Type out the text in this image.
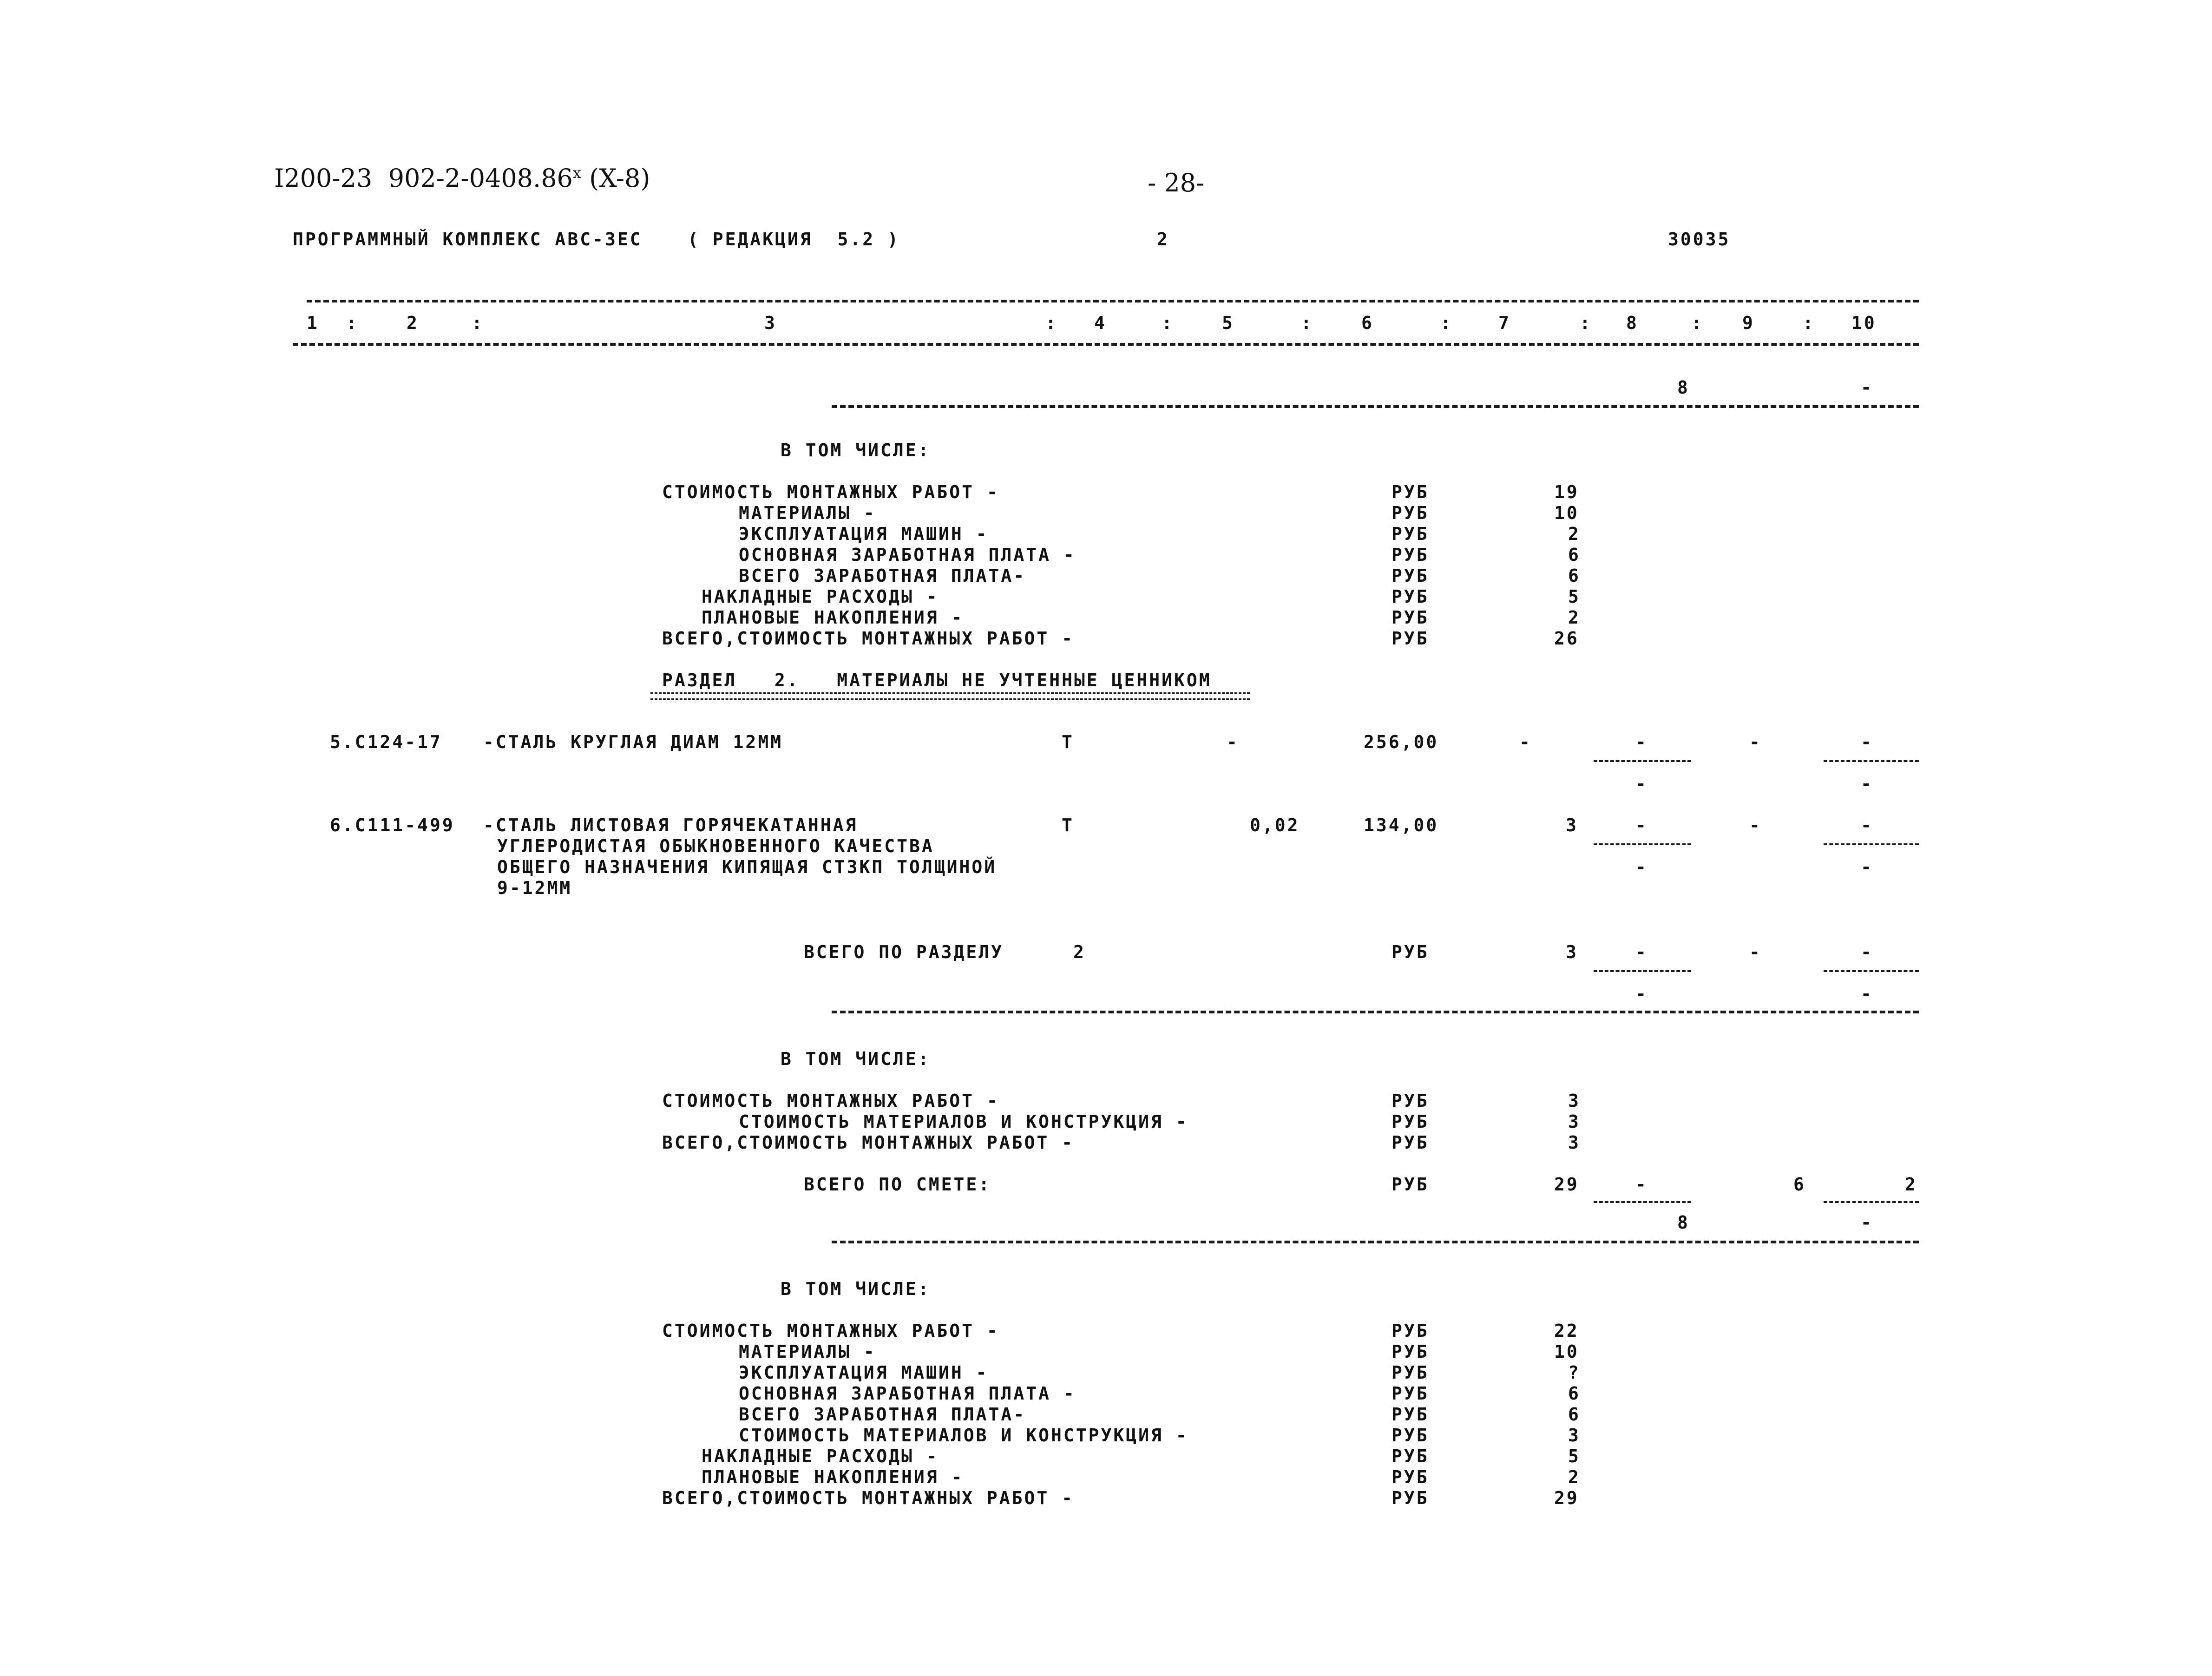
I200-23  902-2-0408.86$^x$ (X-8)	- 28-
ПРОГРАММНЫЙ КОМПЛЕКС АВС-ЗЕС	( РЕДАКЦИЯ  5.2 )	2	30035
1 :	2	:	3	: 4	:	5	:	6	:	7	: 8	: 9	: 10
8	-
В ТОМ ЧИСЛЕ:
СТОИМОСТЬ МОНТАЖНЫХ РАБОТ -	РУБ	19
МАТЕРИАЛЫ -	РУБ	10
ЭКСПЛУАТАЦИЯ МАШИН -	РУБ	2
ОСНОВНАЯ ЗАРАБОТНАЯ ПЛАТА -	РУБ	6
ВСЕГО ЗАРАБОТНАЯ ПЛАТА-	РУБ	6
НАКЛАДНЫЕ РАСХОДЫ -	РУБ	5
ПЛАНОВЫЕ НАКОПЛЕНИЯ -	РУБ	2
ВСЕГО,СТОИМОСТЬ МОНТАЖНЫХ РАБОТ -	РУБ	26
РАЗДЕЛ   2.   МАТЕРИАЛЫ НЕ УЧТЕННЫЕ ЦЕННИКОМ
5.С124-17 -СТАЛЬ КРУГЛАЯ ДИАМ 12ММ	Т	-	256,00	-	-	-	-
-	-
6.С111-499 -СТАЛЬ ЛИСТОВАЯ ГОРЯЧЕКАТАННАЯ
УГЛЕРОДИСТАЯ ОБЫКНОВЕННОГО КАЧЕСТВА
ОБЩЕГО НАЗНАЧЕНИЯ КИПЯЩАЯ СТЗКП ТОЛЩИНОЙ
9-12ММ
Т	0,02	134,00	3	-	-	-
-	-
ВСЕГО ПО РАЗДЕЛУ	2	РУБ	3	-	-	-
-	-
В ТОМ ЧИСЛЕ:
СТОИМОСТЬ МОНТАЖНЫХ РАБОТ -	РУБ	3
СТОИМОСТЬ МАТЕРИАЛОВ И КОНСТРУКЦИЯ -	РУБ	3
ВСЕГО,СТОИМОСТЬ МОНТАЖНЫХ РАБОТ -	РУБ	3
ВСЕГО ПО СМЕТЕ:	РУБ	29	-	6	2
8	-
В ТОМ ЧИСЛЕ:
СТОИМОСТЬ МОНТАЖНЫХ РАБОТ -	РУБ	22
МАТЕРИАЛЫ -	РУБ	10
ЭКСПЛУАТАЦИЯ МАШИН -	РУБ	?
ОСНОВНАЯ ЗАРАБОТНАЯ ПЛАТА -	РУБ	6
ВСЕГО ЗАРАБОТНАЯ ПЛАТА-	РУБ	6
СТОИМОСТЬ МАТЕРИАЛОВ И КОНСТРУКЦИЯ -	РУБ	3
НАКЛАДНЫЕ РАСХОДЫ -	РУБ	5
ПЛАНОВЫЕ НАКОПЛЕНИЯ -	РУБ	2
ВСЕГО,СТОИМОСТЬ МОНТАЖНЫХ РАБОТ -	РУБ	29
